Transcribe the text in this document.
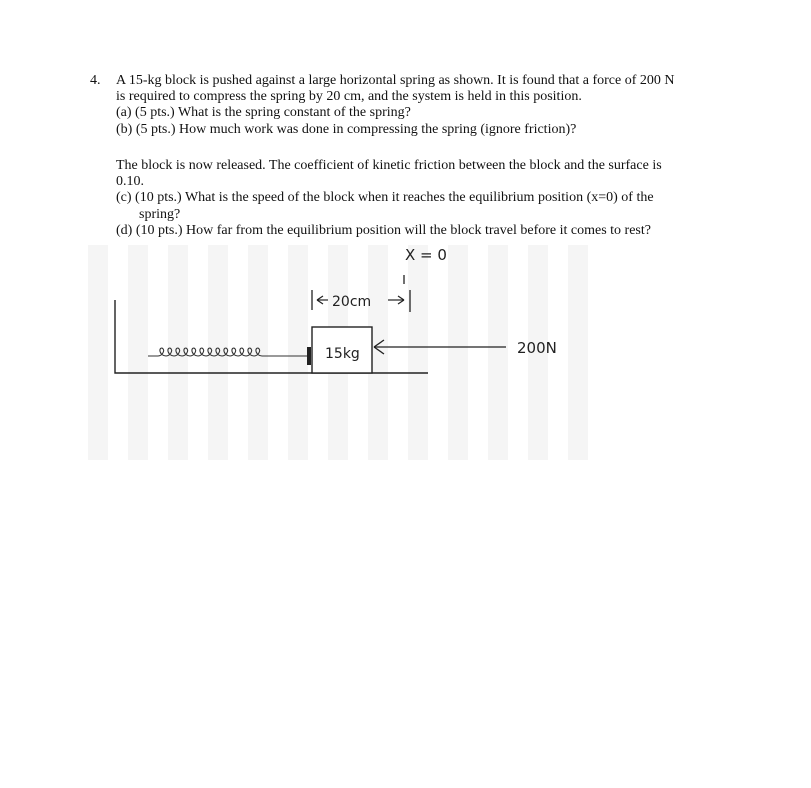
4. A 15-kg block is pushed against a large horizontal spring as shown. It is found that a force of 200 N
is required to compress the spring by 20 cm, and the system is held in this position.
(a) (5 pts.) What is the spring constant of the spring?
(b) (5 pts.) How much work was done in compressing the spring (ignore friction)?
The block is now released. The coefficient of kinetic friction between the block and the surface is
0.10.
(c) (10 pts.) What is the speed of the block when it reaches the equilibrium position (x=0) of the
spring?
(d) (10 pts.) How far from the equilibrium position will the block travel before it comes to rest?
X = 0
20cm
15kg	200N
